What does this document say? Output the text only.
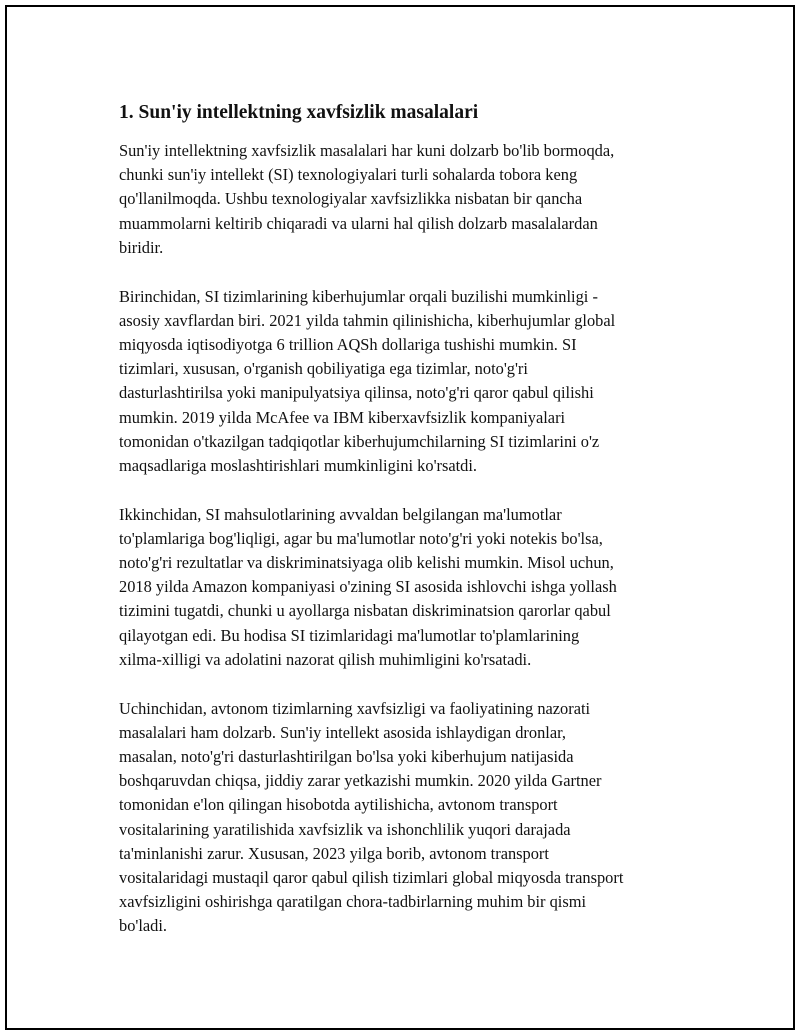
1. Sun'iy intellektning xavfsizlik masalalari

Sun'iy intellektning xavfsizlik masalalari har kuni dolzarb bo'lib bormoqda,
chunki sun'iy intellekt (SI) texnologiyalari turli sohalarda tobora keng
qo'llanilmoqda. Ushbu texnologiyalar xavfsizlikka nisbatan bir qancha
muammolarni keltirib chiqaradi va ularni hal qilish dolzarb masalalardan
biridir.

Birinchidan, SI tizimlarining kiberhujumlar orqali buzilishi mumkinligi -
asosiy xavflardan biri. 2021 yilda tahmin qilinishicha, kiberhujumlar global
miqyosda iqtisodiyotga 6 trillion AQSh dollariga tushishi mumkin. SI
tizimlari, xususan, o'rganish qobiliyatiga ega tizimlar, noto'g'ri
dasturlashtirilsa yoki manipulyatsiya qilinsa, noto'g'ri qaror qabul qilishi
mumkin. 2019 yilda McAfee va IBM kiberxavfsizlik kompaniyalari
tomonidan o'tkazilgan tadqiqotlar kiberhujumchilarning SI tizimlarini o'z
maqsadlariga moslashtirishlari mumkinligini ko'rsatdi.

Ikkinchidan, SI mahsulotlarining avvaldan belgilangan ma'lumotlar
to'plamlariga bog'liqligi, agar bu ma'lumotlar noto'g'ri yoki notekis bo'lsa,
noto'g'ri rezultatlar va diskriminatsiyaga olib kelishi mumkin. Misol uchun,
2018 yilda Amazon kompaniyasi o'zining SI asosida ishlovchi ishga yollash
tizimini tugatdi, chunki u ayollarga nisbatan diskriminatsion qarorlar qabul
qilayotgan edi. Bu hodisa SI tizimlaridagi ma'lumotlar to'plamlarining
xilma-xilligi va adolatini nazorat qilish muhimligini ko'rsatadi.

Uchinchidan, avtonom tizimlarning xavfsizligi va faoliyatining nazorati
masalalari ham dolzarb. Sun'iy intellekt asosida ishlaydigan dronlar,
masalan, noto'g'ri dasturlashtirilgan bo'lsa yoki kiberhujum natijasida
boshqaruvdan chiqsa, jiddiy zarar yetkazishi mumkin. 2020 yilda Gartner
tomonidan e'lon qilingan hisobotda aytilishicha, avtonom transport
vositalarining yaratilishida xavfsizlik va ishonchlilik yuqori darajada
ta'minlanishi zarur. Xususan, 2023 yilga borib, avtonom transport
vositalaridagi mustaqil qaror qabul qilish tizimlari global miqyosda transport
xavfsizligini oshirishga qaratilgan chora-tadbirlarning muhim bir qismi
bo'ladi.
